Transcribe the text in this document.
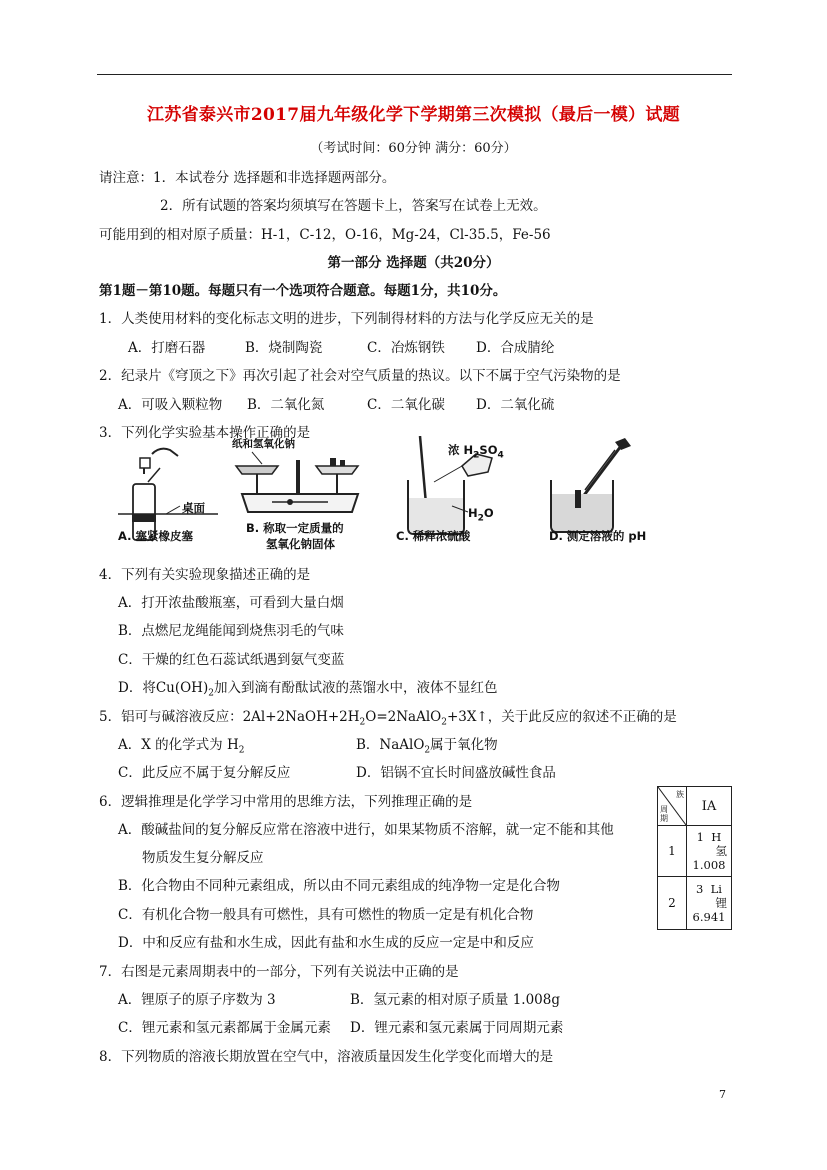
江苏省泰兴市2017届九年级化学下学期第三次模拟（最后一模）试题
（考试时间：60分钟 满分：60分）
请注意：1．本试卷分 选择题和非选择题两部分。
2．所有试题的答案均须填写在答题卡上，答案写在试卷上无效。
可能用到的相对原子质量：H-1，C-12，O-16，Mg-24，Cl-35.5，Fe-56
第一部分 选择题（共20分）
第1题－第10题。每题只有一个选项符合题意。每题1分，共10分。
1．人类使用材料的变化标志文明的进步，下列制得材料的方法与化学反应无关的是
A．打磨石器	B．烧制陶瓷	C．冶炼钢铁 D．合成腈纶
2．纪录片《穹顶之下》再次引起了社会对空气质量的热议。以下不属于空气污染物的是
A．可吸入颗粒物 B．二氧化氮	C．二氧化碳 D．二氧化硫
3．下列化学实验基本操作正确的是
桌面
A. 塞紧橡皮塞
纸和氢氧化钠
B. 称取一定质量的
氢氧化钠固体
浓 $H_2SO_4$
$H_2O$
C. 稀释浓硫酸	D. 测定溶液的 pH
4．下列有关实验现象描述正确的是
A．打开浓盐酸瓶塞，可看到大量白烟
B．点燃尼龙绳能闻到烧焦羽毛的气味
C．干燥的红色石蕊试纸遇到氨气变蓝
D．将$Cu(OH)_2$加入到滴有酚酞试液的蒸馏水中，液体不显红色
5．铝可与碱溶液反应：$2Al+2NaOH+2H_2O=2NaAlO_2+3X↑$，关于此反应的叙述不正确的是
A．X 的化学式为 $H_2$	B．NaAlO$_2$属于氧化物
C．此反应不属于复分解反应	D．铝锅不宜长时间盛放碱性食品
6．逻辑推理是化学学习中常用的思维方法，下列推理正确的是
A．酸碱盐间的复分解反应常在溶液中进行，如果某物质不溶解，就一定不能和其他
物质发生复分解反应
B．化合物由不同种元素组成，所以由不同元素组成的纯净物一定是化合物
C．有机化合物一般具有可燃性，具有可燃性的物质一定是有机化合物
D．中和反应有盐和水生成，因此有盐和水生成的反应一定是中和反应
族
周期	ⅠA
1	1 H
氢
1.008

2	3 Li
锂
6.941
7．右图是元素周期表中的一部分，下列有关说法中正确的是
A．锂原子的原子序数为 3	B．氢元素的相对原子质量 1.008g
C．锂元素和氢元素都属于金属元素 D．锂元素和氢元素属于同周期元素
8．下列物质的溶液长期放置在空气中，溶液质量因发生化学变化而增大的是
7
